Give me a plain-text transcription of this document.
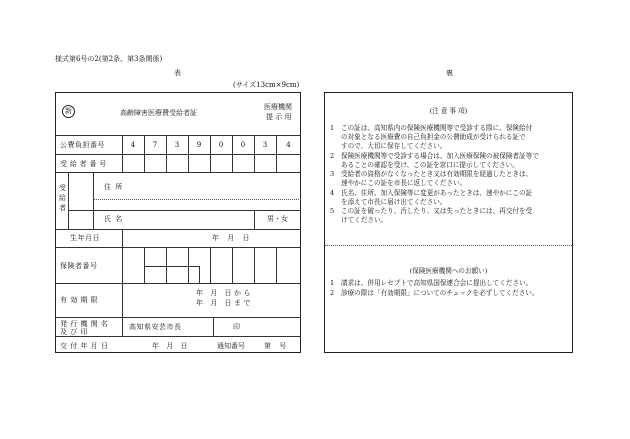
様式第6号の2(第2条、第3条関係)
表	裏
(サイズ13cm×9cm)
新	高齢障害医療費受給者証
医療機関
提 示 用
公費負担番号	4	7	3	9	0	0	3	4
受 給 者 番 号
受給者
住 所
氏 名	男・女
生年月日	年 月 日
保険者番号
有 効 期 限
年 月 日から
年 月 日まで
発 行 機 関 名
及 び 印
高知県安芸市長	印
交 付 年 月 日	年 月 日	通知番号	第 号
(注 意 事 項)
1 この証は、高知県内の保険医療機関等で受診する際に、保険給付
の対象となる医療費の自己負担金の公費助成が受けられる証で
すので、大切に保存してください。
2 保険医療機関等で受診する場合は、加入医療保険の被保険者証等で
あることの確認を受け、この証を窓口に提示してください。
3 受給者の資格がなくなったとき又は有効期限を経過したときは、
速やかにこの証を市長に返してください。
4 氏名、住所、加入保険等に変更があったときは、速やかにこの証
を添えて市長に届け出てください。
5 この証を破ったり、汚したり、又は失ったときには、再交付を受
けてください。
(保険医療機関へのお願い)
1 請求は、併用レセプトで高知県国保連合会に提出してください。
2 診療の際は「有効期限」についてのチェックを必ずしてください。
